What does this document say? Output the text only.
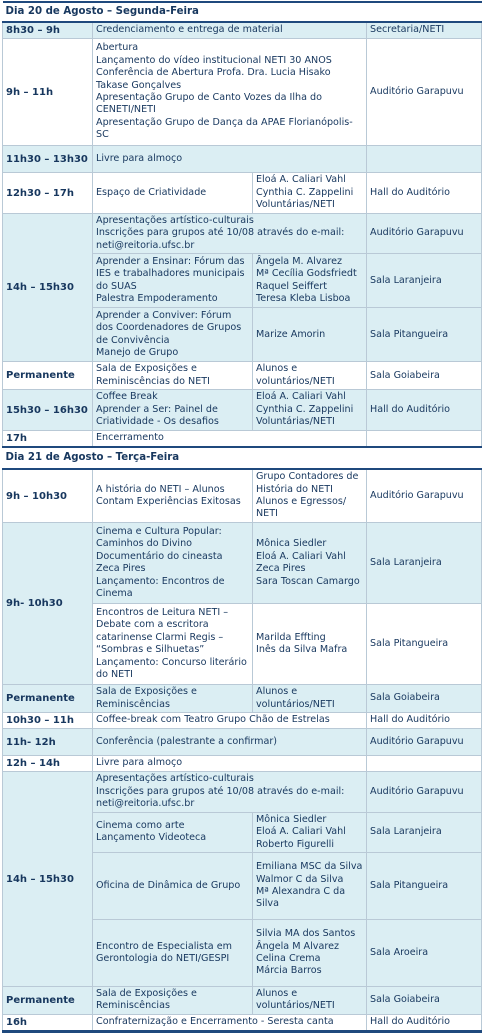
Dia 20 de Agosto – Segunda-Feira			
8h30 – 9h	Credenciamento e entrega de material		Secretaria/NETI
9h – 11h	Abertura
Lançamento do vídeo institucional NETI 30 ANOS
Conferência de Abertura Profa. Dra. Lucia Hisako Takase Gonçalves
Apresentação Grupo de Canto Vozes da Ilha do CENETI/NETI
Apresentação Grupo de Dança da APAE Florianópolis-SC		Auditório Garapuvu
11h30 – 13h30	Livre para almoço		
12h30 – 17h	Espaço de Criatividade	Eloá A. Caliari Vahl
Cynthia C. Zappelini
Voluntárias/NETI	Hall do Auditório
14h – 15h30	Apresentações artístico-culturais
Inscrições para grupos até 10/08 através do e-mail: neti@reitoria.ufsc.br		Auditório Garapuvu
	Aprender a Ensinar: Fórum das IES e trabalhadores municipais do SUAS
Palestra Empoderamento	Ângela M. Alvarez
Mª Cecília Godsfriedt
Raquel Seiffert
Teresa Kleba Lisboa	Sala Laranjeira
	Aprender a Conviver: Fórum dos Coordenadores de Grupos de Convivência
Manejo de Grupo	Marize Amorin	Sala Pitangueira
Permanente	Sala de Exposições e Reminiscências do NETI	Alunos e voluntários/NETI	Sala Goiabeira
15h30 – 16h30	Coffee Break
Aprender a Ser: Painel de Criatividade - Os desafios	Eloá A. Caliari Vahl
Cynthia C. Zappelini
Voluntárias/NETI	Hall do Auditório
17h	Encerramento		
Dia 21 de Agosto – Terça-Feira			
9h – 10h30	A história do NETI – Alunos Contam Experiências Exitosas	Grupo Contadores de História do NETI
Alunos e Egressos/ NETI	Auditório Garapuvu
9h- 10h30	Cinema e Cultura Popular: Caminhos do Divino
Documentário do cineasta Zeca Pires
Lançamento: Encontros de Cinema	Mônica Siedler
Eloá A. Caliari Vahl
Zeca Pires
Sara Toscan Camargo	Sala Laranjeira
	Encontros de Leitura NETI – Debate com a escritora catarinense Clarmi Regis – “Sombras e Silhuetas”
Lançamento: Concurso literário do NETI	Marilda Effting
Inês da Silva Mafra	Sala Pitangueira
Permanente	Sala de Exposições e Reminiscências	Alunos e voluntários/NETI	Sala Goiabeira
10h30 – 11h	Coffee-break com Teatro Grupo Chão de Estrelas		Hall do Auditório
11h- 12h	Conferência (palestrante a confirmar)		Auditório Garapuvu
12h – 14h	Livre para almoço		
14h – 15h30	Apresentações artístico-culturais
Inscrições para grupos até 10/08 através do e-mail: neti@reitoria.ufsc.br		Auditório Garapuvu
	Cinema como arte
Lançamento Videoteca	Mônica Siedler
Eloá A. Caliari Vahl
Roberto Figurelli	Sala Laranjeira
	Oficina de Dinâmica de Grupo	Emiliana MSC da Silva
Walmor C da Silva
Mª Alexandra C da Silva	Sala Pitangueira
	Encontro de Especialista em Gerontologia do NETI/GESPI	Silvia MA dos Santos
Ângela M Alvarez
Celina Crema
Márcia Barros	Sala Aroeira
Permanente	Sala de Exposições e Reminiscências	Alunos e voluntários/NETI	Sala Goiabeira
16h	Confraternização e Encerramento - Seresta canta		Hall do Auditório
